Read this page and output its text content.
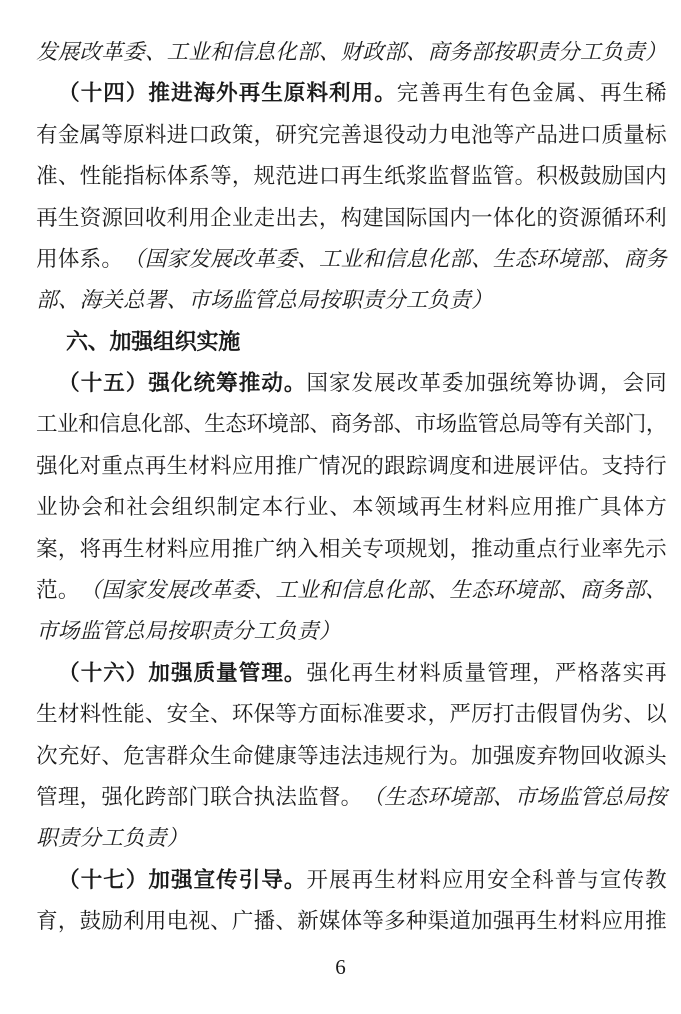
发 展 改 革 委 、 工 业 和 信 息 化 部 、 财 政 部 、 商 务 部 按 职 责 分 工 负 责 ）
（ 十 四 ） 推 进 海 外 再 生 原 料 利 用 。 完 善 再 生 有 色 金 属 、 再 生 稀
有 金 属 等 原 料 进 口 政 策 ， 研 究 完 善 退 役 动 力 电 池 等 产 品 进 口 质 量 标
准 、 性 能 指 标 体 系 等 ， 规 范 进 口 再 生 纸 浆 监 督 监 管 。 积 极 鼓 励 国 内
再 生 资 源 回 收 利 用 企 业 走 出 去 ， 构 建 国 际 国 内 一 体 化 的 资 源 循 环 利
用 体 系 。 （ 国 家 发 展 改 革 委 、 工 业 和 信 息 化 部 、 生 态 环 境 部 、 商 务
部 、 海 关 总 署 、 市 场 监 管 总 局 按 职 责 分 工 负 责 ）
六 、 加 强 组 织 实 施
（ 十 五 ） 强 化 统 筹 推 动 。 国 家 发 展 改 革 委 加 强 统 筹 协 调 ， 会 同
工 业 和 信 息 化 部 、 生 态 环 境 部 、 商 务 部 、 市 场 监 管 总 局 等 有 关 部 门 ，
强 化 对 重 点 再 生 材 料 应 用 推 广 情 况 的 跟 踪 调 度 和 进 展 评 估 。 支 持 行
业 协 会 和 社 会 组 织 制 定 本 行 业 、 本 领 域 再 生 材 料 应 用 推 广 具 体 方
案 ， 将 再 生 材 料 应 用 推 广 纳 入 相 关 专 项 规 划 ， 推 动 重 点 行 业 率 先 示
范 。 （ 国 家 发 展 改 革 委 、 工 业 和 信 息 化 部 、 生 态 环 境 部 、 商 务 部 、
市 场 监 管 总 局 按 职 责 分 工 负 责 ）
（ 十 六 ） 加 强 质 量 管 理 。 强 化 再 生 材 料 质 量 管 理 ， 严 格 落 实 再
生 材 料 性 能 、 安 全 、 环 保 等 方 面 标 准 要 求 ， 严 厉 打 击 假 冒 伪 劣 、 以
次 充 好 、 危 害 群 众 生 命 健 康 等 违 法 违 规 行 为 。 加 强 废 弃 物 回 收 源 头
管 理 ， 强 化 跨 部 门 联 合 执 法 监 督 。 （ 生 态 环 境 部 、 市 场 监 管 总 局 按
职 责 分 工 负 责 ）
（ 十 七 ） 加 强 宣 传 引 导 。 开 展 再 生 材 料 应 用 安 全 科 普 与 宣 传 教
育 ， 鼓 励 利 用 电 视 、 广 播 、 新 媒 体 等 多 种 渠 道 加 强 再 生 材 料 应 用 推
6
